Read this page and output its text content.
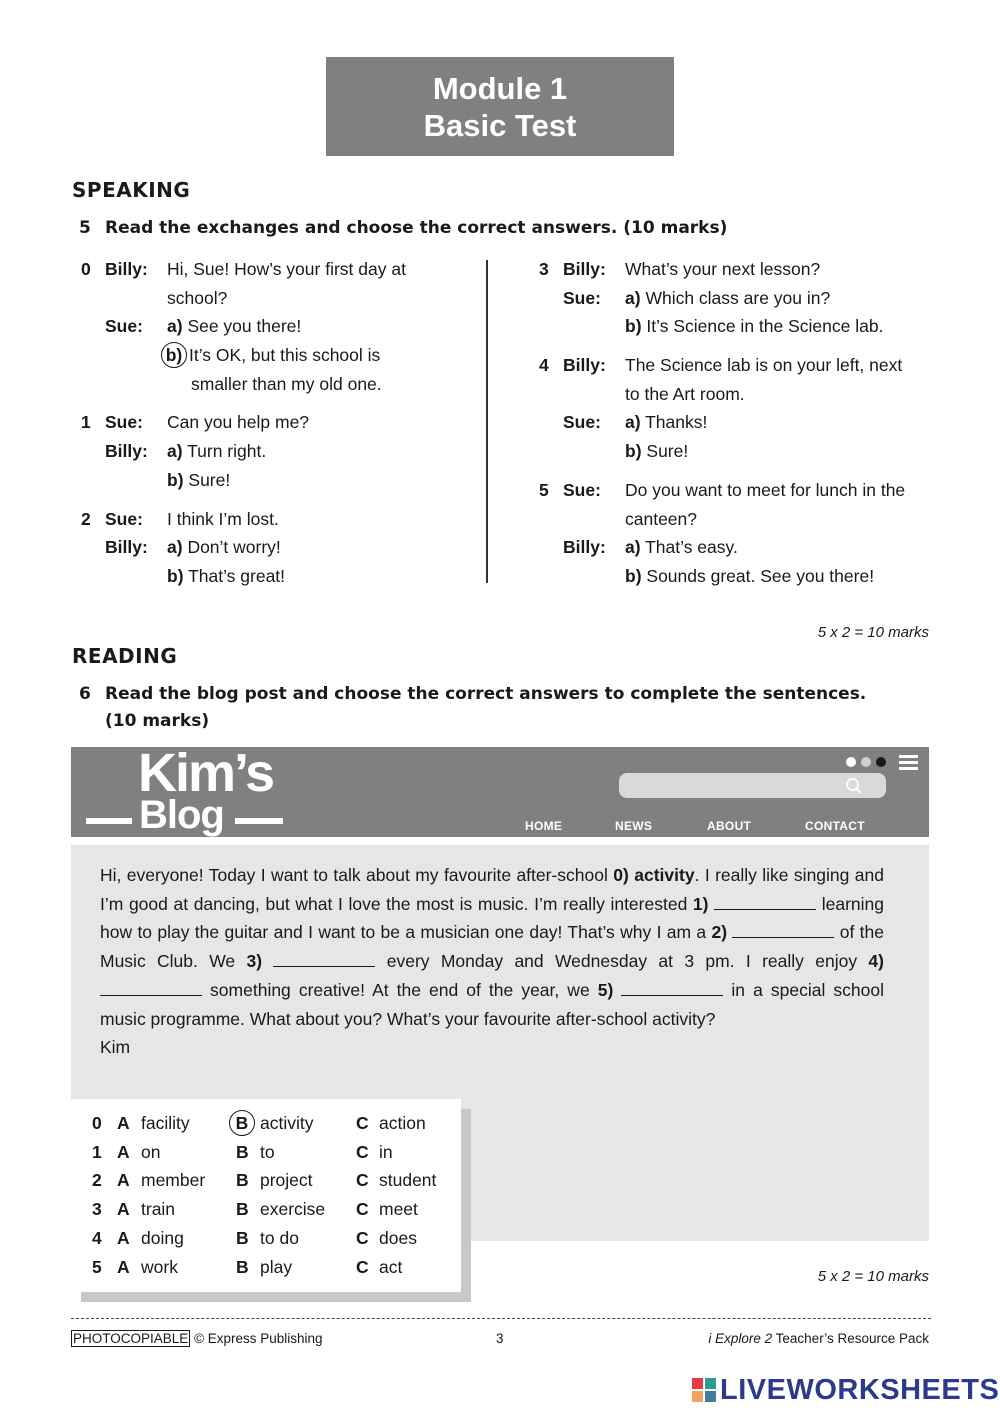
Module 1
Basic Test
SPEAKING
5 Read the exchanges and choose the correct answers. (10 marks)
0 Billy: Hi, Sue! How’s your first day at
school?
Sue: a) See you there!
b) It’s OK, but this school is
smaller than my old one.
1 Sue: Can you help me?
Billy: a) Turn right.
b) Sure!
2 Sue: I think I’m lost.
Billy: a) Don’t worry!
b) That’s great!
3 Billy: What’s your next lesson?
Sue: a) Which class are you in?
b) It’s Science in the Science lab.
4 Billy: The Science lab is on your left, next
to the Art room.
Sue: a) Thanks!
b) Sure!
5 Sue: Do you want to meet for lunch in the
canteen?
Billy: a) That’s easy.
b) Sounds great. See you there!
5 x 2 = 10 marks
READING
6 Read the blog post and choose the correct answers to complete the sentences.
(10 marks)
Kim’s
Blog	HOME	NEWS	ABOUT	CONTACT

Hi, everyone! Today I want to talk about my favourite after-school 0) activity. I really like singing and I’m good at dancing, but what I love the most is music. I’m really interested 1)	learning how to play the guitar and I want to be a musician one day! That’s why I am a 2)	of the Music Club. We 3)	every Monday and Wednesday at 3 pm. I really enjoy 4)  something creative! At the end of the year, we 5)	in a special school music programme. What about you? What’s your favourite after-school activity?

Kim

0 A facility	B activity C action
1 A on	B to	C in
2 A member B project C student
3 A train	B exercise C meet
4 A doing	B to do	C does
5 A work	B play	C act	5 x 2 = 10 marks
PHOTOCOPIABLE © Express Publishing	3	i Explore 2 Teacher’s Resource Pack
LIVEWORKSHEETS
